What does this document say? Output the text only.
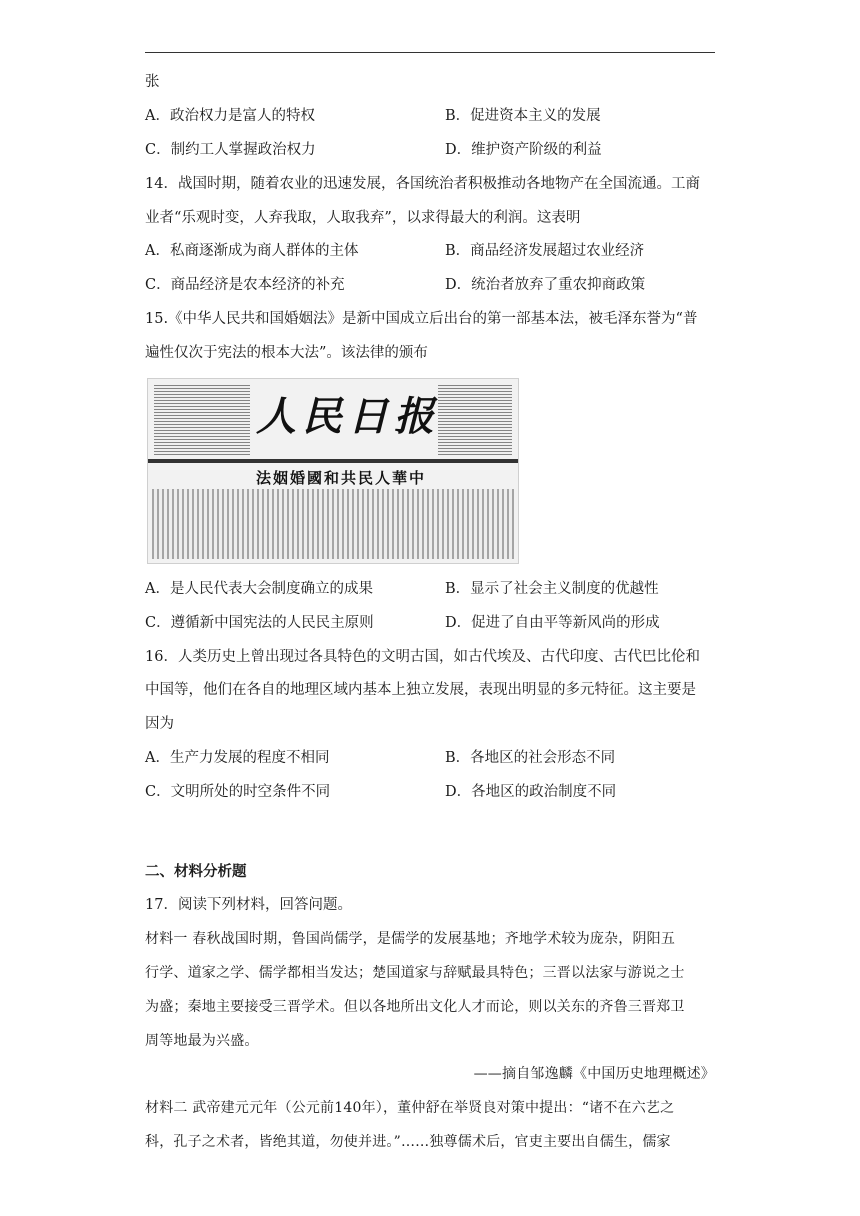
张
A．政治权力是富人的特权	B．促进资本主义的发展
C．制约工人掌握政治权力	D．维护资产阶级的利益
14．战国时期，随着农业的迅速发展，各国统治者积极推动各地物产在全国流通。工商
业者“乐观时变，人弃我取，人取我弃”，以求得最大的利润。这表明
A．私商逐渐成为商人群体的主体	B．商品经济发展超过农业经济
C．商品经济是农本经济的补充	D．统治者放弃了重农抑商政策
15.《中华人民共和国婚姻法》是新中国成立后出台的第一部基本法，被毛泽东誉为“普
遍性仅次于宪法的根本大法”。该法律的颁布
人民日报
法姻婚國和共民人華中
A．是人民代表大会制度确立的成果	B．显示了社会主义制度的优越性
C．遵循新中国宪法的人民民主原则	D．促进了自由平等新风尚的形成
16．人类历史上曾出现过各具特色的文明古国，如古代埃及、古代印度、古代巴比伦和
中国等，他们在各自的地理区域内基本上独立发展，表现出明显的多元特征。这主要是
因为
A．生产力发展的程度不相同	B．各地区的社会形态不同
C．文明所处的时空条件不同	D．各地区的政治制度不同
二、材料分析题
17．阅读下列材料，回答问题。
材料一 春秋战国时期，鲁国尚儒学，是儒学的发展基地；齐地学术较为庞杂，阴阳五
行学、道家之学、儒学都相当发达；楚国道家与辞赋最具特色；三晋以法家与游说之士
为盛；秦地主要接受三晋学术。但以各地所出文化人才而论，则以关东的齐鲁三晋郑卫
周等地最为兴盛。
——摘自邹逸麟《中国历史地理概述》
材料二 武帝建元元年（公元前140年），董仲舒在举贤良对策中提出：“诸不在六艺之
科，孔子之术者，皆绝其道，勿使并进。”……独尊儒术后，官吏主要出自儒生，儒家
